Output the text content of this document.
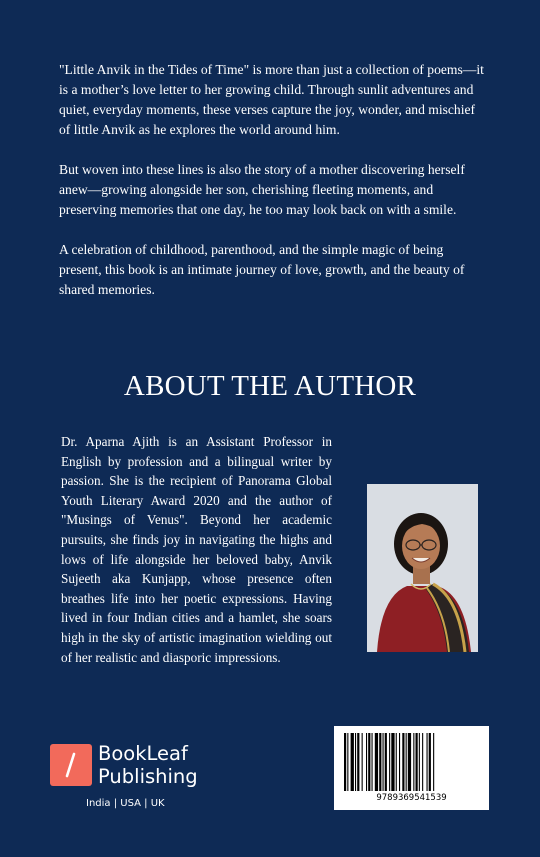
"Little Anvik in the Tides of Time" is more than just a collection of poems—it is a mother’s love letter to her growing child. Through sunlit adventures and quiet, everyday moments, these verses capture the joy, wonder, and mischief of little Anvik as he explores the world around him.

But woven into these lines is also the story of a mother discovering herself anew—growing alongside her son, cherishing fleeting moments, and preserving memories that one day, he too may look back on with a smile.

A celebration of childhood, parenthood, and the simple magic of being present, this book is an intimate journey of love, growth, and the beauty of shared memories.

ABOUT THE AUTHOR

Dr. Aparna Ajith is an Assistant Professor in English by profession and a bilingual writer by passion. She is the recipient of Panorama Global Youth Literary Award 2020 and the author of "Musings of Venus". Beyond her academic pursuits, she finds joy in navigating the highs and lows of life alongside her beloved baby, Anvik Sujeeth aka Kunjapp, whose presence often breathes life into her poetic expressions. Having lived in four Indian cities and a hamlet, she soars high in the sky of artistic imagination wielding out of her realistic and diasporic impressions.

BookLeaf
Publishing
India | USA | UK	9789369541539
